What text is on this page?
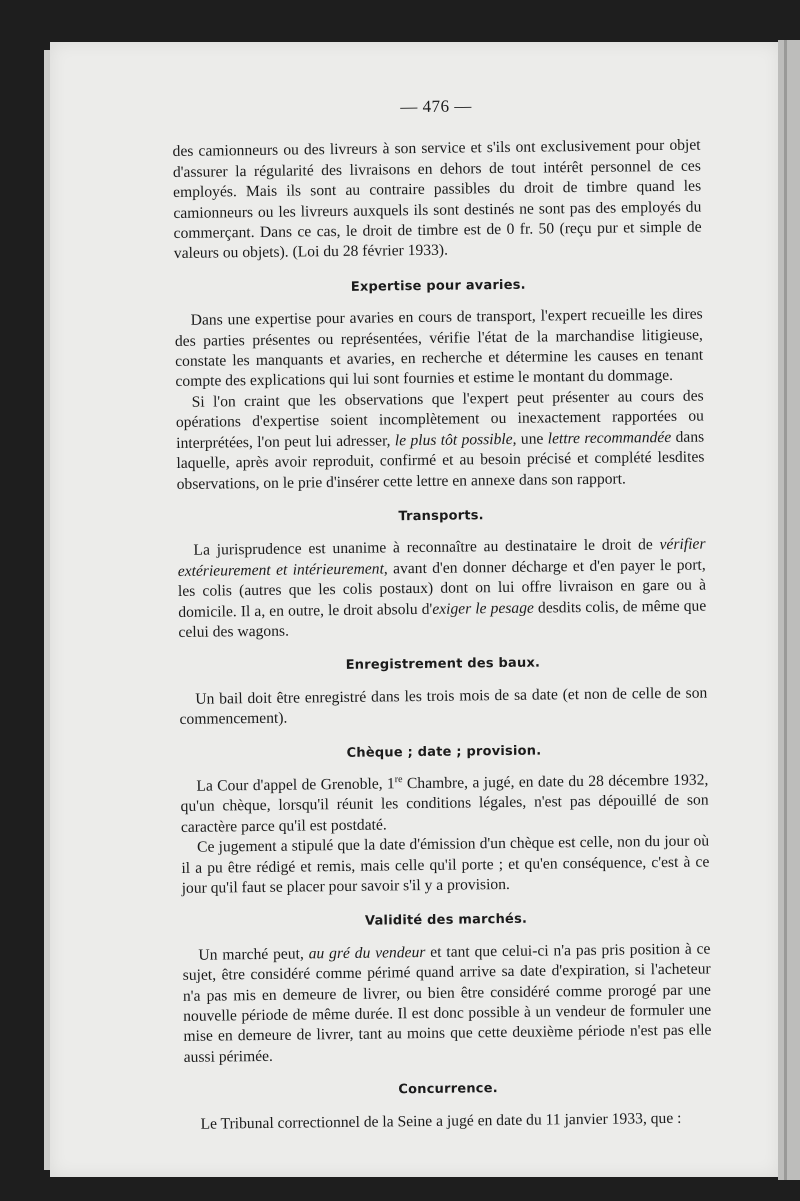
— 476 —

des camionneurs ou des livreurs à son service et s'ils ont exclusivement pour objet d'assurer la régularité des livraisons en dehors de tout intérêt personnel de ces employés. Mais ils sont au contraire passibles du droit de timbre quand les camionneurs ou les livreurs auxquels ils sont destinés ne sont pas des employés du commerçant. Dans ce cas, le droit de timbre est de 0 fr. 50 (reçu pur et simple de valeurs ou objets). (Loi du 28 février 1933).

Expertise pour avaries.

Dans une expertise pour avaries en cours de transport, l'expert recueille les dires des parties présentes ou représentées, vérifie l'état de la marchandise litigieuse, constate les manquants et avaries, en recherche et détermine les causes en tenant compte des explications qui lui sont fournies et estime le montant du dommage.

Si l'on craint que les observations que l'expert peut présenter au cours des opérations d'expertise soient incomplètement ou inexactement rapportées ou interprétées, l'on peut lui adresser, le plus tôt possible, une lettre recommandée dans laquelle, après avoir reproduit, confirmé et au besoin précisé et complété lesdites observations, on le prie d'insérer cette lettre en annexe dans son rapport.

Transports.

La jurisprudence est unanime à reconnaître au destinataire le droit de vérifier extérieurement et intérieurement, avant d'en donner décharge et d'en payer le port, les colis (autres que les colis postaux) dont on lui offre livraison en gare ou à domicile. Il a, en outre, le droit absolu d'exiger le pesage desdits colis, de même que celui des wagons.

Enregistrement des baux.

Un bail doit être enregistré dans les trois mois de sa date (et non de celle de son commencement).

Chèque ; date ; provision.

La Cour d'appel de Grenoble, 1re Chambre, a jugé, en date du 28 décembre 1932, qu'un chèque, lorsqu'il réunit les conditions légales, n'est pas dépouillé de son caractère parce qu'il est postdaté.

Ce jugement a stipulé que la date d'émission d'un chèque est celle, non du jour où il a pu être rédigé et remis, mais celle qu'il porte ; et qu'en conséquence, c'est à ce jour qu'il faut se placer pour savoir s'il y a provision.

Validité des marchés.

Un marché peut, au gré du vendeur et tant que celui-ci n'a pas pris position à ce sujet, être considéré comme périmé quand arrive sa date d'expiration, si l'acheteur n'a pas mis en demeure de livrer, ou bien être considéré comme prorogé par une nouvelle période de même durée. Il est donc possible à un vendeur de formuler une mise en demeure de livrer, tant au moins que cette deuxième période n'est pas elle aussi périmée.

Concurrence.

Le Tribunal correctionnel de la Seine a jugé en date du 11 janvier 1933, que :
